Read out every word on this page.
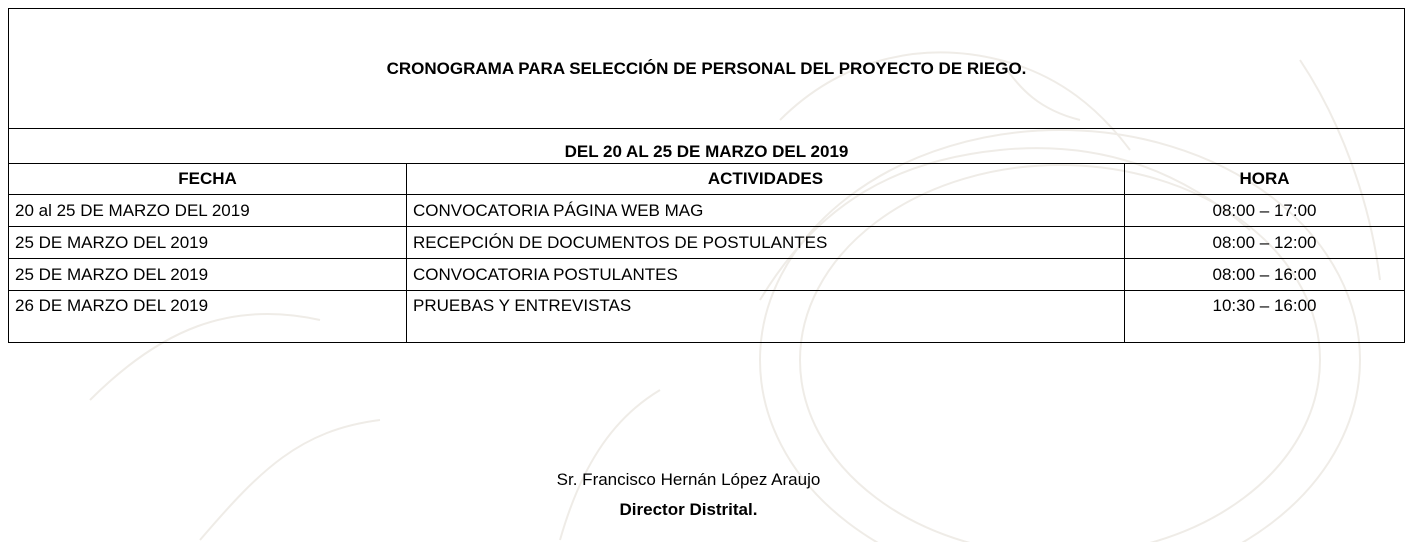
CRONOGRAMA PARA SELECCIÓN DE PERSONAL DEL PROYECTO DE RIEGO.		
DEL 20 AL 25 DE MARZO DEL 2019		
FECHA	ACTIVIDADES	HORA
20 al 25 DE MARZO DEL 2019	CONVOCATORIA PÁGINA WEB MAG	08:00 – 17:00
25 DE MARZO DEL 2019	RECEPCIÓN DE DOCUMENTOS DE POSTULANTES	08:00 – 12:00
25 DE MARZO DEL 2019	CONVOCATORIA POSTULANTES	08:00 – 16:00
26 DE MARZO DEL 2019	PRUEBAS Y ENTREVISTAS	10:30 – 16:00
Sr. Francisco Hernán López Araujo
Director Distrital.
